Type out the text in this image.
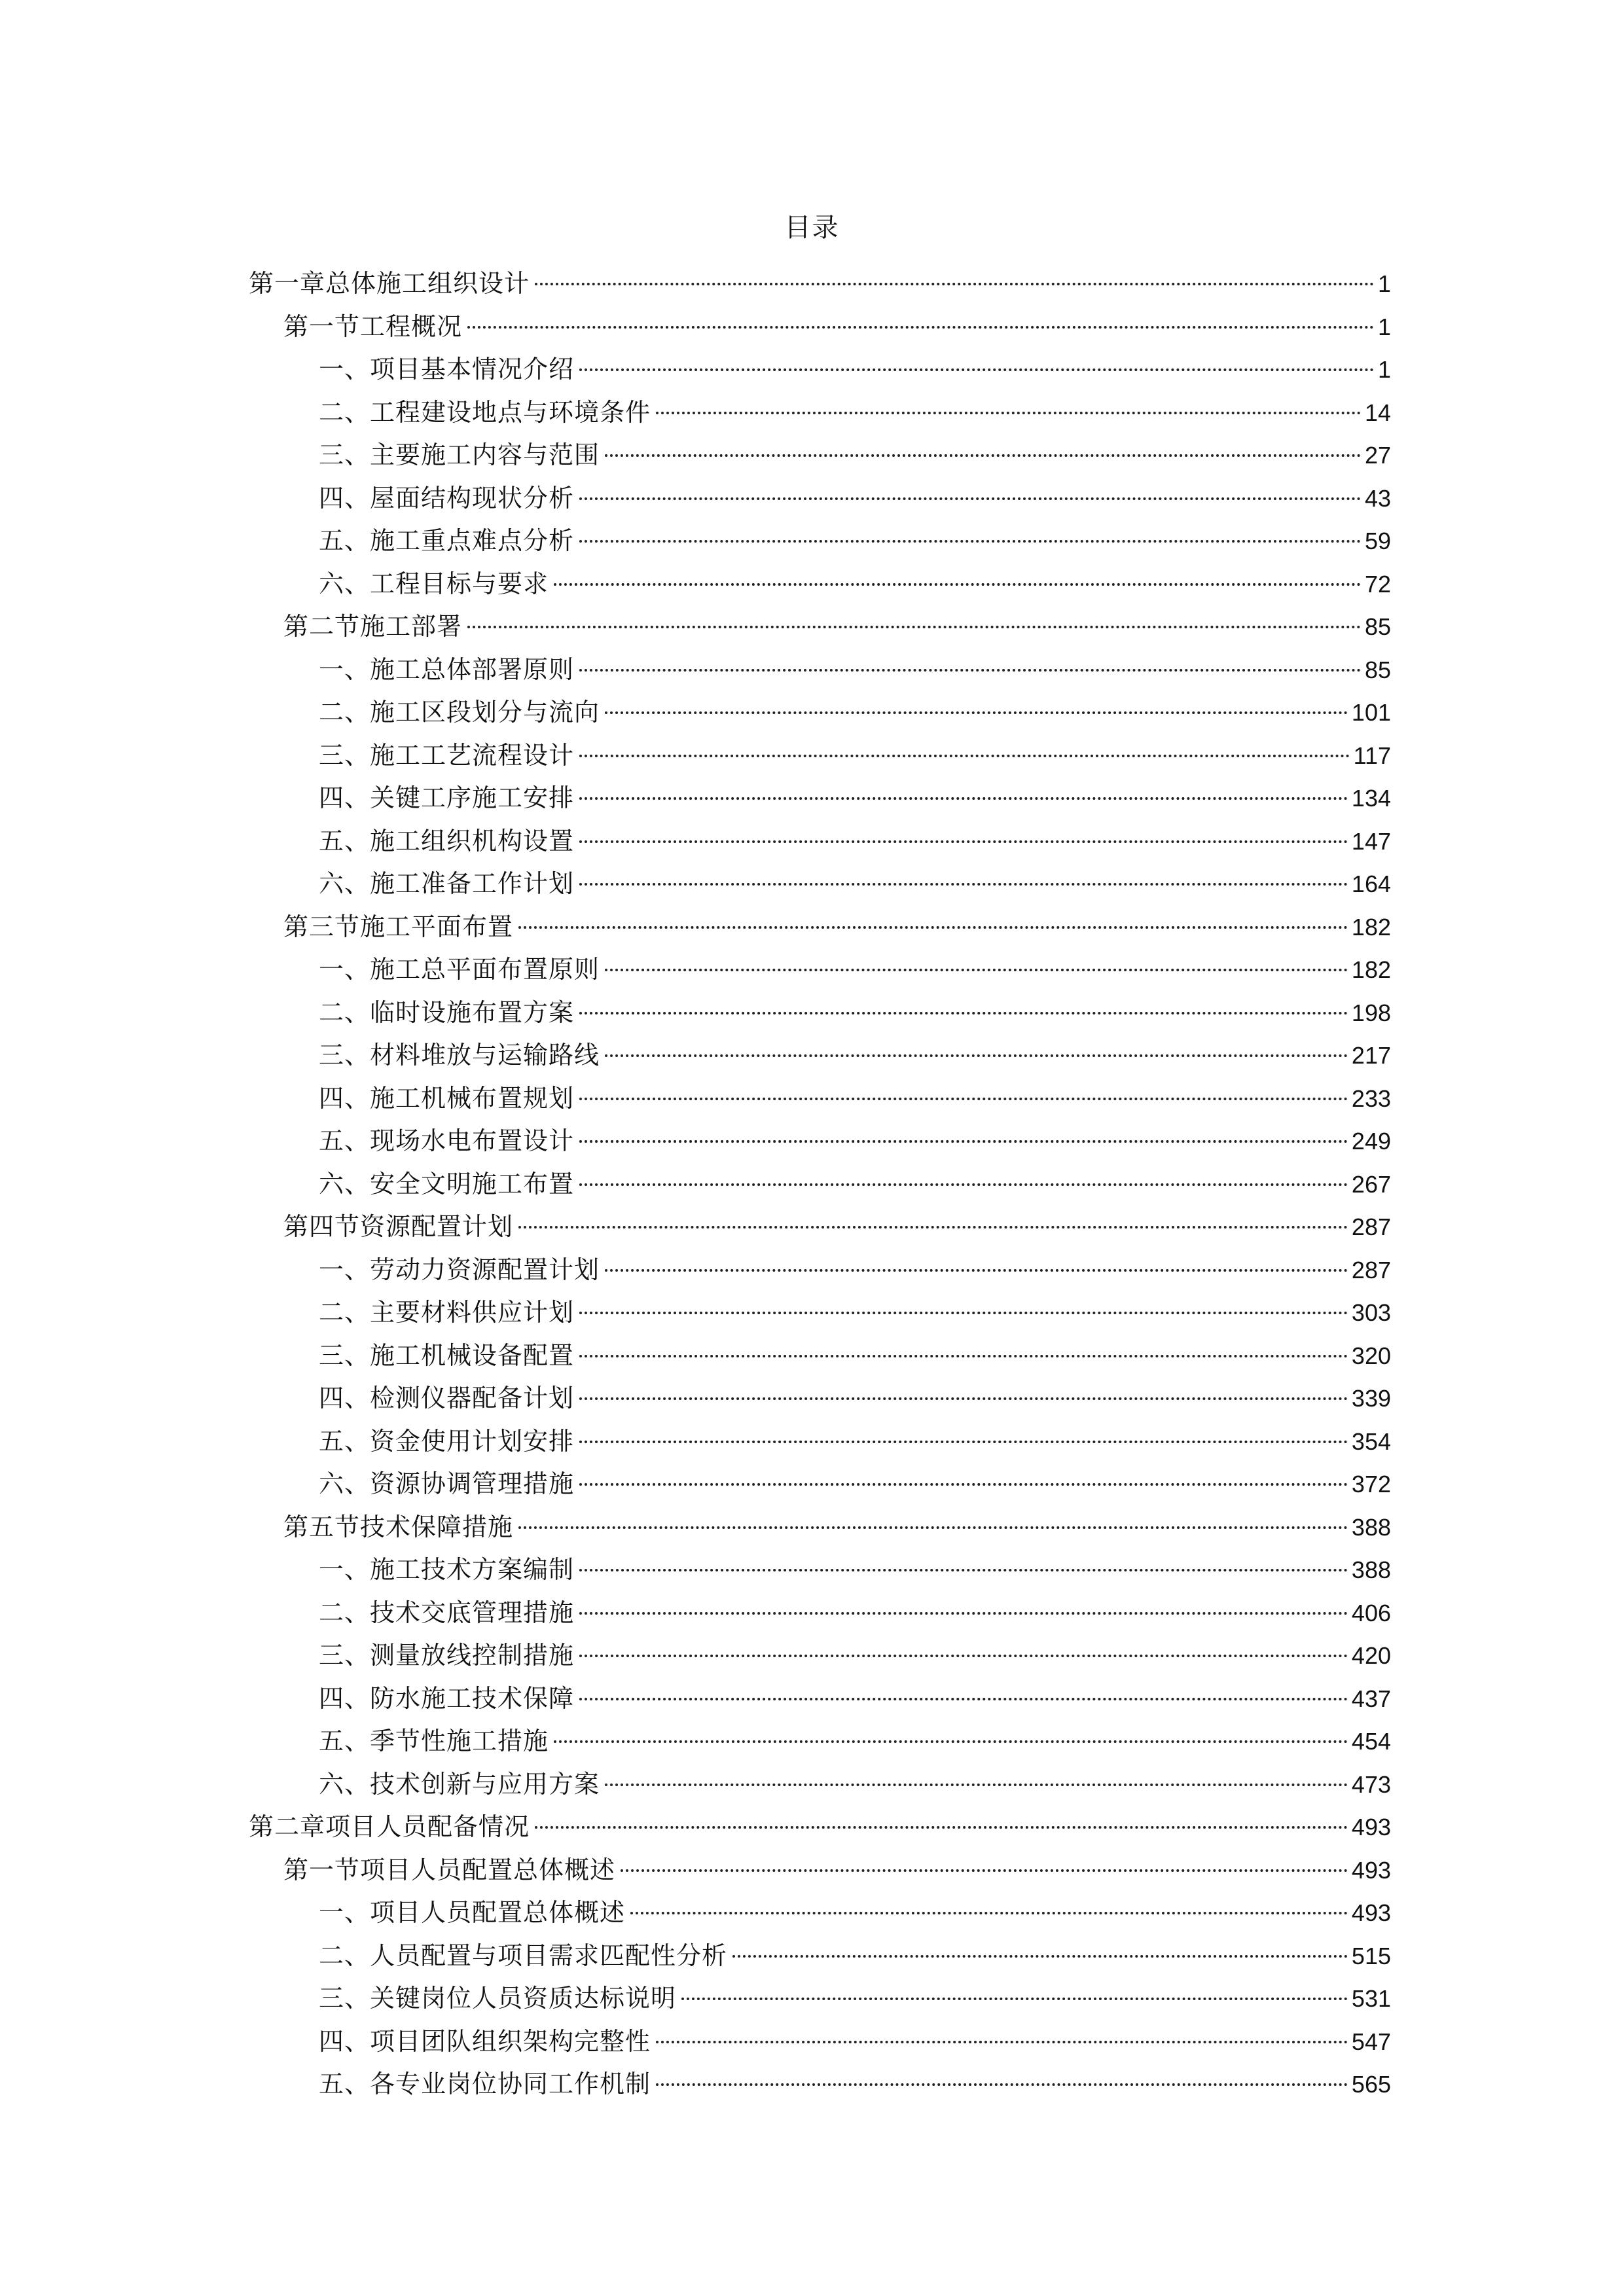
目录
第一章总体施工组织设计	1
第一节工程概况	1
一、项目基本情况介绍	1
二、工程建设地点与环境条件	14
三、主要施工内容与范围	27
四、屋面结构现状分析	43
五、施工重点难点分析	59
六、工程目标与要求	72
第二节施工部署	85
一、施工总体部署原则	85
二、施工区段划分与流向	101
三、施工工艺流程设计	117
四、关键工序施工安排	134
五、施工组织机构设置	147
六、施工准备工作计划	164
第三节施工平面布置	182
一、施工总平面布置原则	182
二、临时设施布置方案	198
三、材料堆放与运输路线	217
四、施工机械布置规划	233
五、现场水电布置设计	249
六、安全文明施工布置	267
第四节资源配置计划	287
一、劳动力资源配置计划	287
二、主要材料供应计划	303
三、施工机械设备配置	320
四、检测仪器配备计划	339
五、资金使用计划安排	354
六、资源协调管理措施	372
第五节技术保障措施	388
一、施工技术方案编制	388
二、技术交底管理措施	406
三、测量放线控制措施	420
四、防水施工技术保障	437
五、季节性施工措施	454
六、技术创新与应用方案	473
第二章项目人员配备情况	493
第一节项目人员配置总体概述	493
一、项目人员配置总体概述	493
二、人员配置与项目需求匹配性分析	515
三、关键岗位人员资质达标说明	531
四、项目团队组织架构完整性	547
五、各专业岗位协同工作机制	565
